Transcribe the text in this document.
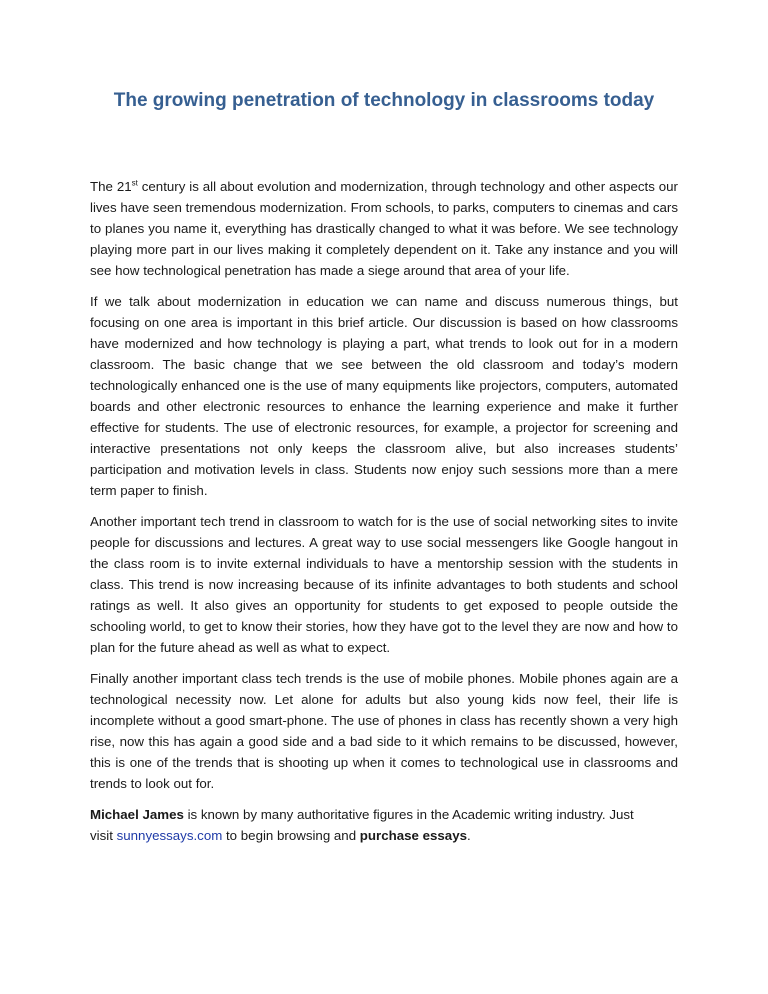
The growing penetration of technology in classrooms today

The 21st century is all about evolution and modernization, through technology and other aspects our lives have seen tremendous modernization. From schools, to parks, computers to cinemas and cars to planes you name it, everything has drastically changed to what it was before. We see technology playing more part in our lives making it completely dependent on it. Take any instance and you will see how technological penetration has made a siege around that area of your life.

If we talk about modernization in education we can name and discuss numerous things, but focusing on one area is important in this brief article. Our discussion is based on how classrooms have modernized and how technology is playing a part, what trends to look out for in a modern classroom. The basic change that we see between the old classroom and today’s modern technologically enhanced one is the use of many equipments like projectors, computers, automated boards and other electronic resources to enhance the learning experience and make it further effective for students. The use of electronic resources, for example, a projector for screening and interactive presentations not only keeps the classroom alive, but also increases students’ participation and motivation levels in class. Students now enjoy such sessions more than a mere term paper to finish.

Another important tech trend in classroom to watch for is the use of social networking sites to invite people for discussions and lectures. A great way to use social messengers like Google hangout in the class room is to invite external individuals to have a mentorship session with the students in class. This trend is now increasing because of its infinite advantages to both students and school ratings as well. It also gives an opportunity for students to get exposed to people outside the schooling world, to get to know their stories, how they have got to the level they are now and how to plan for the future ahead as well as what to expect.

Finally another important class tech trends is the use of mobile phones. Mobile phones again are a technological necessity now. Let alone for adults but also young kids now feel, their life is incomplete without a good smart-phone. The use of phones in class has recently shown a very high rise, now this has again a good side and a bad side to it which remains to be discussed, however, this is one of the trends that is shooting up when it comes to technological use in classrooms and trends to look out for.

Michael James is known by many authoritative figures in the Academic writing industry. Just
visit sunnyessays.com to begin browsing and purchase essays.
